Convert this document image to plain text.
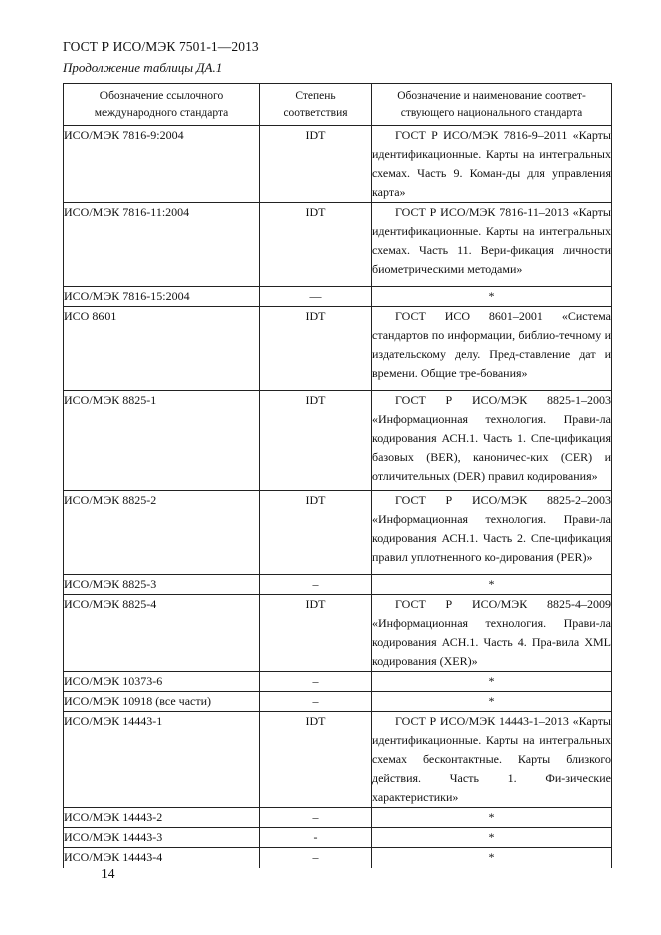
ГОСТ Р ИСО/МЭК 7501-1—2013
Продолжение таблицы ДА.1
Обозначение ссылочного международного стандарта	Степень соответствия	Обозначение и наименование соответ-ствующего национального стандарта
ИСО/МЭК 7816-9:2004	IDT	ГОСТ Р ИСО/МЭК 7816-9–2011 «Карты идентификационные. Карты на интегральных схемах. Часть 9. Коман-ды для управления карта»

ИСО/МЭК 7816-11:2004	IDT	ГОСТ Р ИСО/МЭК 7816-11–2013 «Карты идентификационные. Карты на интегральных схемах. Часть 11. Вери-фикация личности биометрическими методами»

ИСО/МЭК 7816-15:2004	—	*
ИСО 8601	IDT	ГОСТ ИСО 8601–2001 «Система стандартов по информации, библио-течному и издательскому делу. Пред-ставление дат и времени. Общие тре-бования»

ИСО/МЭК 8825-1	IDT	ГОСТ Р ИСО/МЭК 8825-1–2003 «Информационная технология. Прави-ла кодирования АСН.1. Часть 1. Спе-цификация базовых (BER), каноничес-ких (CER) и отличительных (DER) правил кодирования»

ИСО/МЭК 8825-2	IDT	ГОСТ Р ИСО/МЭК 8825-2–2003 «Информационная технология. Прави-ла кодирования АСН.1. Часть 2. Спе-цификация правил уплотненного ко-дирования (PER)»

ИСО/МЭК 8825-3	–	*
ИСО/МЭК 8825-4	IDT	ГОСТ Р ИСО/МЭК 8825-4–2009 «Информационная технология. Прави-ла кодирования АСН.1. Часть 4. Пра-вила XML кодирования (XER)»

ИСО/МЭК 10373-6	–	*
ИСО/МЭК 10918 (все части)	–	*
ИСО/МЭК 14443-1	IDT	ГОСТ Р ИСО/МЭК 14443-1–2013 «Карты идентификационные. Карты на интегральных схемах бесконтактные. Карты близкого действия. Часть 1. Фи-зические характеристики»

ИСО/МЭК 14443-2	–	*
ИСО/МЭК 14443-3	-	*
ИСО/МЭК 14443-4	–	*
14
